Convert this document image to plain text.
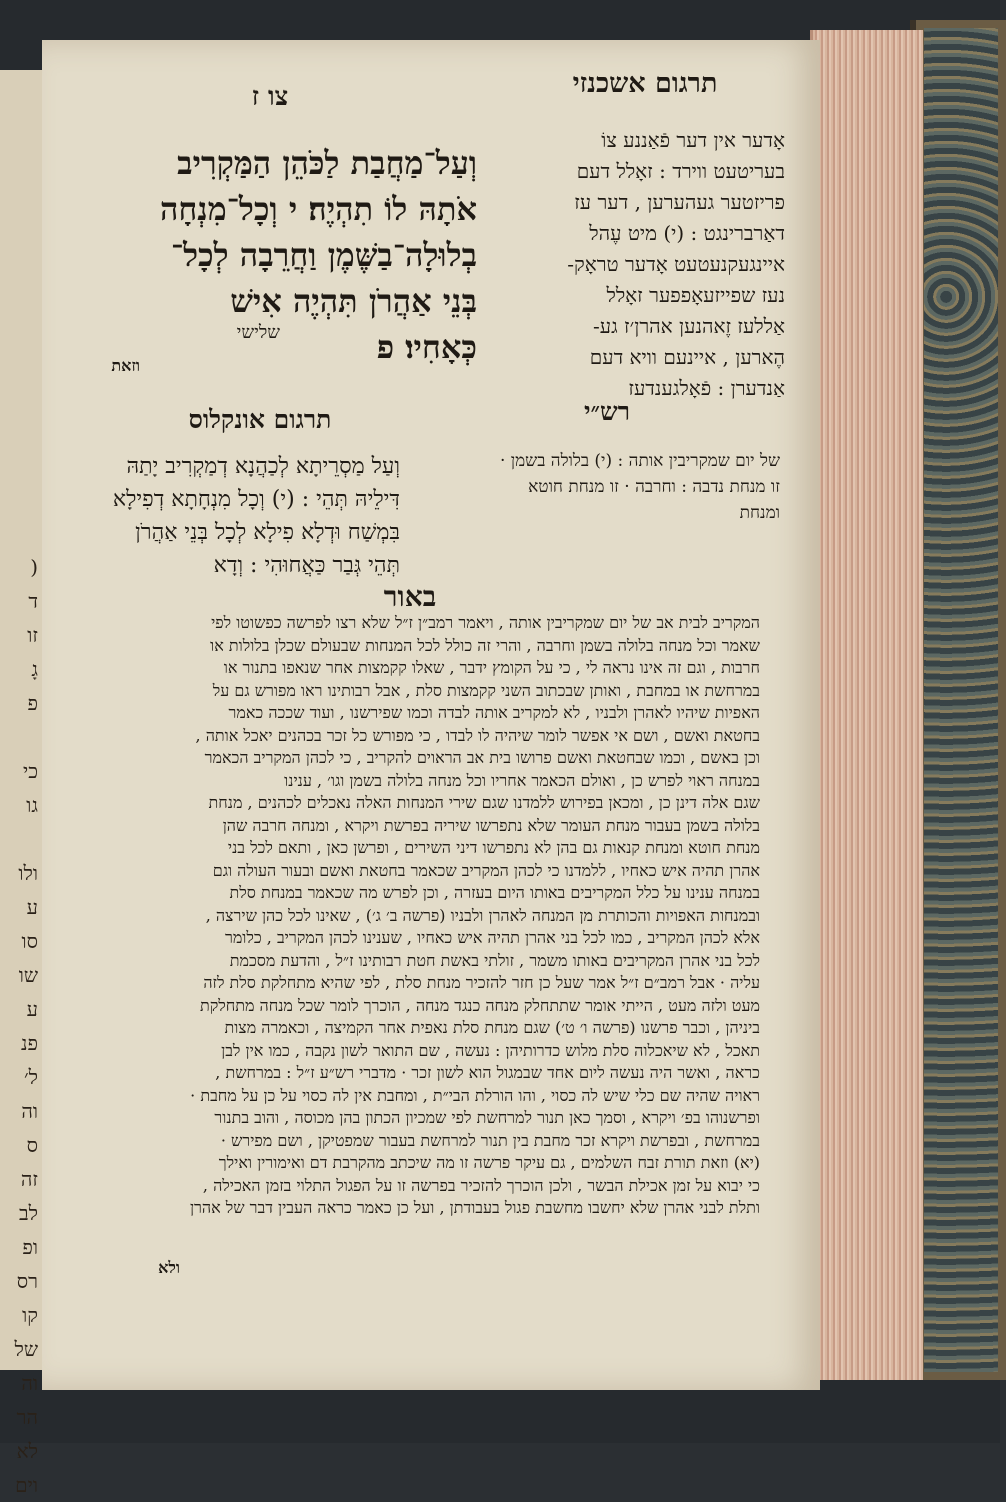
(
ד
זו
גָ
פ
כי
גו
ולו
ע
סו
שו
ע
פנ
ל׳
וה
ס
זה
לב
ופ
רס
קו
של
וה
הר
לא
וים
תרגום אשכנזי
צו ז
וְעַל־מַחֲבַת לַכֹּהֵן הַמַּקְרִיב
אֹתָהּ לוֹ תִהְיֶה׃ י וְכָל־מִנְחָה
בְלוּלָה־בַשֶּׁמֶן וַחֲרֵבָה לְכָל־
בְּנֵי אַהֲרֹן תִּהְיֶה אִישׁ
כְּאָחִיו׃ פ
שלישי
וזאת
אָדער אין דער פֿאַננע צוֹ
בעריטעט ווירד : זאָלל דעם
פריזטער געהערען , דער עז
דאַרברינגט : (י) מיט עֶהל
איינגעקנעטעט אָדער טראָק-
נעז שפייזעאָפפער זאָלל
אַללעז זֶאהנען אהרן׳ז גע-
הֶארען , איינעם וויא דעם
אַנדערן : פֿאָלגענדעז
רש״י
של יום שמקריבין אותה : (י) בלולה בשמן ·
זו מנחת נדבה : וחרבה · זו מנחת חוטא
ומנחת
תרגום אונקלוס
וְעַל מַסְרֵיתָא לְכַהֲנָא דְמַקְרִיב יָתַהּ
דִּילֵיהּ תְּהֵי : (י) וְכָל מִנְחָתָא דְפִילָא
בִּמְשַׁח וּדְלָא פִילָא לְכָל בְּנֵי אַהֲרֹן
תְּהֵי גְּבַר כַּאֲחוּהִי : וְדָא
באור
המקריב לבית אב של יום שמקריבין אותה , ויאמר רמב״ן ז״ל שלא רצו לפרשה כפשוטו לפי
שאמר וכל מנחה בלולה בשמן וחרבה , והרי זה כולל לכל המנחות שבעולם שכלן בלולות או
חרבות , וגם זה אינו נראה לי , כי על הקומץ ידבר , שאלו קקמצות אחר שנאפו בתנור או
במרחשת או במחבת , ואותן שבכתוב השני קקמצות סלת , אבל רבותינו ראו מפורש גם על
האפיות שיהיו לאהרן ולבניו , לא למקריב אותה לבדה וכמו שפירשנו , ועוד שככה כאמר
בחטאת ואשם , ושם אי אפשר לומר שיהיה לו לבדו , כי מפורש כל זכר בכהנים יאכל אותה ,
וכן באשם , וכמו שבחטאת ואשם פרושו בית אב הראוים להקריב , כי לכהן המקריב הכאמר
במנחה ראוי לפרש כן , ואולם הכאמר אחריו וכל מנחה בלולה בשמן וגו׳ , ענינו
שגם אלה דינן כן , ומכאן בפירוש ללמדנו שגם שירי המנחות האלה נאכלים לכהנים , מנחת
בלולה בשמן בעבור מנחת העומר שלא נתפרשו שיריה בפרשת ויקרא , ומנחה חרבה שהן
מנחת חוטא ומנחת קנאות גם בהן לא נתפרשו דיני השירים , ופרשן כאן , ותאם לכל בני
אהרן תהיה איש כאחיו , ללמדנו כי לכהן המקריב שכאמר בחטאת ואשם ובעור העולה וגם
במנחה ענינו על כלל המקריבים באותו היום בעזרה , וכן לפרש מה שכאמר במנחת סלת
ובמנחות האפויות והכותרת מן המנחה לאהרן ולבניו (פרשה ב׳ ג׳) , שאינו לכל כהן שירצה ,
אלא לכהן המקריב , כמו לכל בני אהרן תהיה איש כאחיו , שענינו לכהן המקריב , כלומר
לכל בני אהרן המקריבים באותו משמר , זולתי באשת חטת רבותינו ז״ל , והדעת מסכמת
עליה · אבל רמב״ם ז״ל אמר שעל כן חזר להזכיר מנחת סלת , לפי שהיא מתחלקת סלת לזה
מעט ולזה מעט , הייתי אומר שתתחלק מנחה כנגד מנחה , הוכרך לומר שכל מנחה מתחלקת
ביניהן , וכבר פרשנו (פרשה ו׳ ט׳) שגם מנחת סלת נאפית אחר הקמיצה , וכאמרה מצות
תאכל , לא שיאכלוה סלת מלוש כדרותיהן : נעשה , שם התואר לשון נקבה , כמו אין לבן
כראה , ואשר היה נעשה ליום אחד שבמגול הוא לשון זכר · מדברי רש״ע ז״ל : במרחשת ,
ראויה שהיה שם כלי שיש לה כסוי , והו הורלת הבי״ת , ומחבת אין לה כסוי על כן על מחבת ·
ופרשנוהו בפ׳ ויקרא , וסמך כאן תנור למרחשת לפי שמכיון הכתון בהן מכוסה , והוב בתנור
במרחשת , ובפרשת ויקרא זכר מחבת בין תנור למרחשת בעבור שמפטיקן , ושם מפירש ·
(יא) וזאת תורת זבח השלמים , גם עיקר פרשה זו מה שיכתב מהקרבת דם ואימורין ואילך
כי יבוא על זמן אכילת הבשר , ולכן הוכרך להזכיר בפרשה זו על הפגול התלוי בזמן האכילה ,
ותלת לבני אהרן שלא יחשבו מחשבת פגול בעבודתן , ועל כן כאמר כראה העבין דבר של אהרן
ולא
